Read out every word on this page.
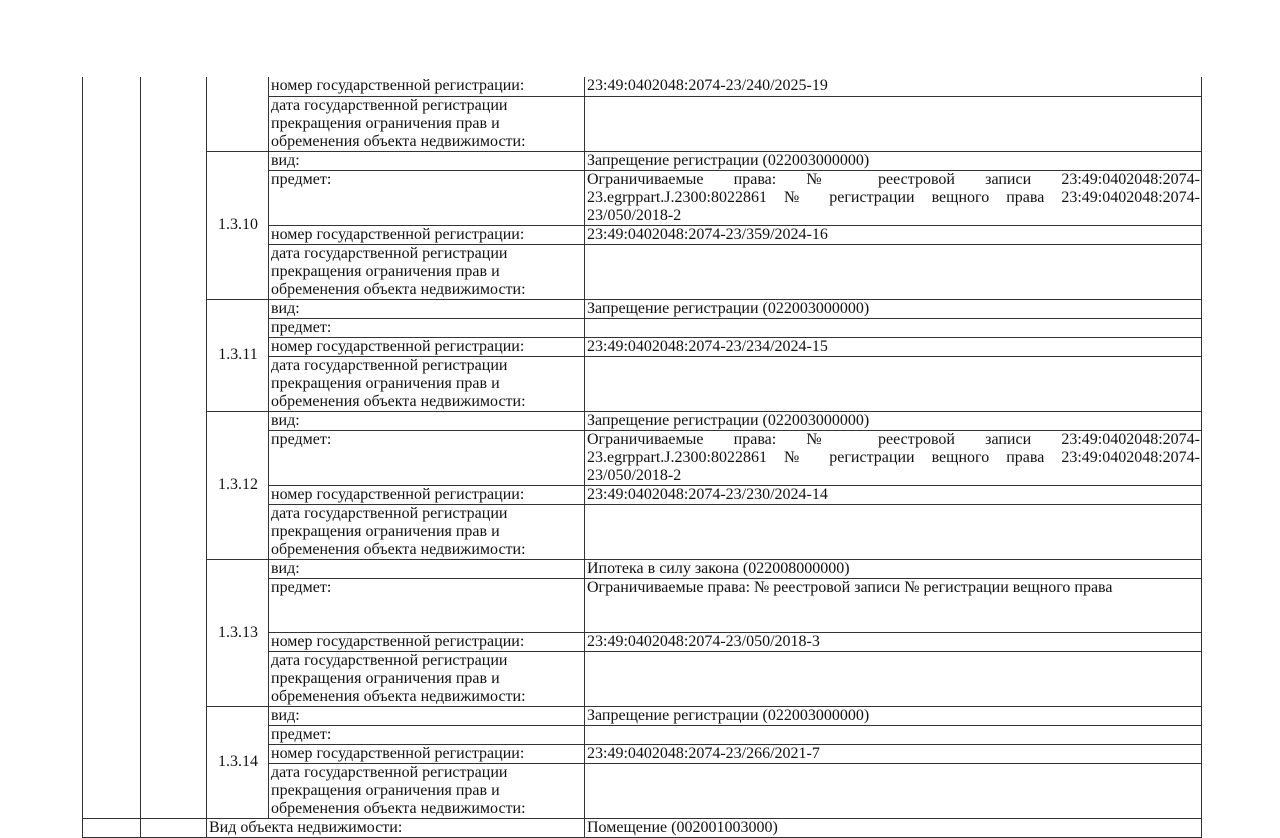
			номер государственной регистрации:	23:49:0402048:2074-23/240/2025-19
			дата государственной регистрации прекращения ограничения прав и обременения объекта недвижимости:	
		1.3.10	вид:	Запрещение регистрации (022003000000)
			предмет:	Ограничиваемые права: № реестровой записи 23:49:0402048:2074-23.egrppart.J.2300:8022861 № регистрации вещного права 23:49:0402048:2074-23/050/2018-2
			номер государственной регистрации:	23:49:0402048:2074-23/359/2024-16
			дата государственной регистрации прекращения ограничения прав и обременения объекта недвижимости:	
		1.3.11	вид:	Запрещение регистрации (022003000000)
			предмет:	
			номер государственной регистрации:	23:49:0402048:2074-23/234/2024-15
			дата государственной регистрации прекращения ограничения прав и обременения объекта недвижимости:	
		1.3.12	вид:	Запрещение регистрации (022003000000)
			предмет:	Ограничиваемые права: № реестровой записи 23:49:0402048:2074-23.egrppart.J.2300:8022861 № регистрации вещного права 23:49:0402048:2074-23/050/2018-2
			номер государственной регистрации:	23:49:0402048:2074-23/230/2024-14
			дата государственной регистрации прекращения ограничения прав и обременения объекта недвижимости:	
		1.3.13	вид:	Ипотека в силу закона (022008000000)
			предмет:	Ограничиваемые права: № реестровой записи № регистрации вещного права
			номер государственной регистрации:	23:49:0402048:2074-23/050/2018-3
			дата государственной регистрации прекращения ограничения прав и обременения объекта недвижимости:	
		1.3.14	вид:	Запрещение регистрации (022003000000)
			предмет:	
			номер государственной регистрации:	23:49:0402048:2074-23/266/2021-7
			дата государственной регистрации прекращения ограничения прав и обременения объекта недвижимости:	
		Вид объекта недвижимости:		Помещение (002001003000)
